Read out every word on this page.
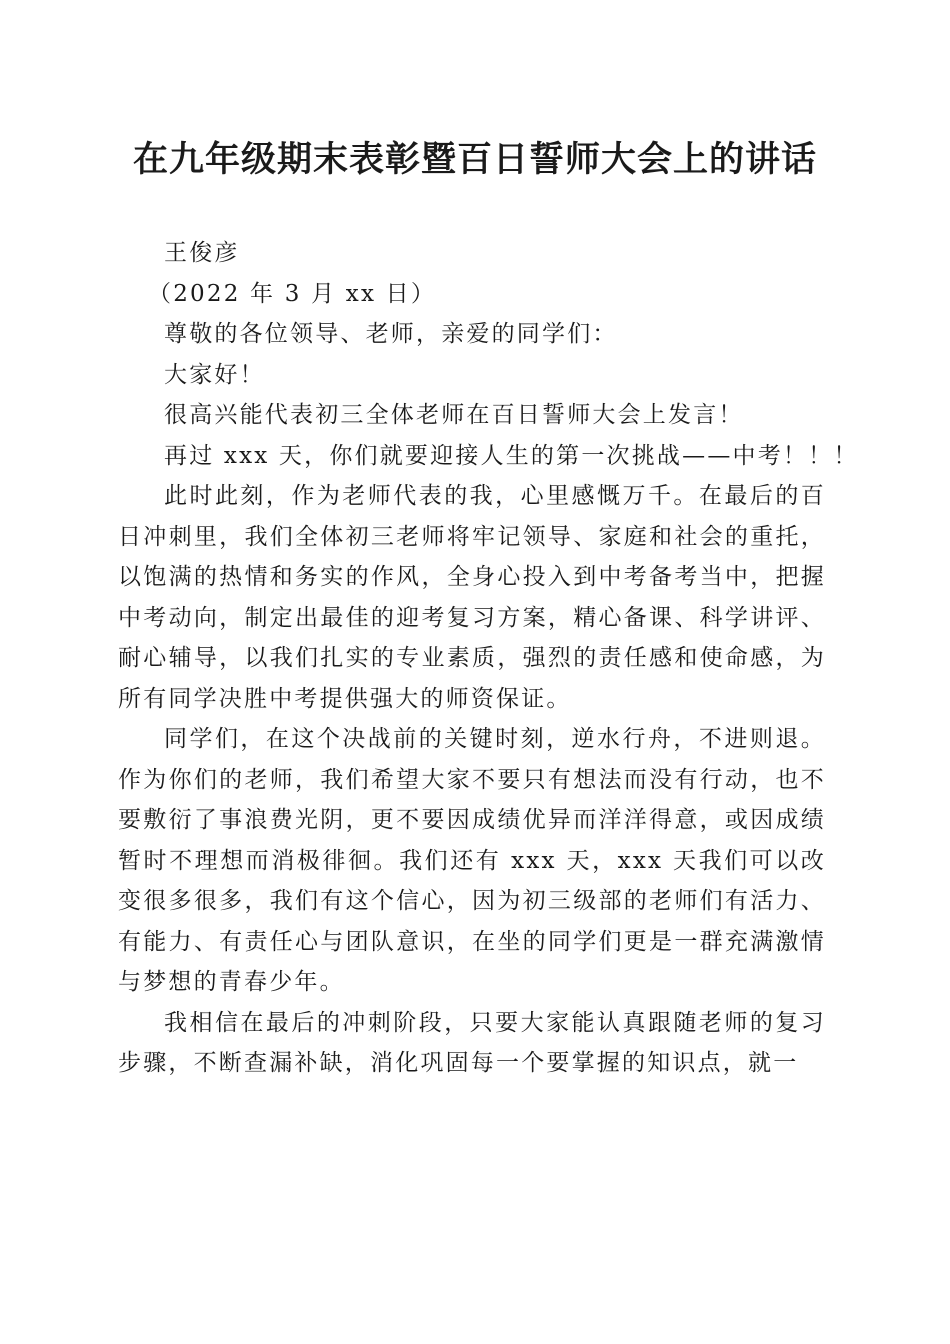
在九年级期末表彰暨百日誓师大会上的讲话

王俊彦

（2022 年 3 月 xx 日）

尊敬的各位领导、老师，亲爱的同学们：

大家好！

很高兴能代表初三全体老师在百日誓师大会上发言！

再过 xxx 天，你们就要迎接人生的第一次挑战——中考！！！

此时此刻，作为老师代表的我，心里感慨万千。在最后的百日冲刺里，我们全体初三老师将牢记领导、家庭和社会的重托，以饱满的热情和务实的作风，全身心投入到中考备考当中，把握中考动向，制定出最佳的迎考复习方案，精心备课、科学讲评、耐心辅导，以我们扎实的专业素质，强烈的责任感和使命感，为所有同学决胜中考提供强大的师资保证。

同学们，在这个决战前的关键时刻，逆水行舟，不进则退。作为你们的老师，我们希望大家不要只有想法而没有行动，也不要敷衍了事浪费光阴，更不要因成绩优异而洋洋得意，或因成绩暂时不理想而消极徘徊。我们还有 xxx 天，xxx 天我们可以改变很多很多，我们有这个信心，因为初三级部的老师们有活力、有能力、有责任心与团队意识，在坐的同学们更是一群充满激情与梦想的青春少年。

我相信在最后的冲刺阶段，只要大家能认真跟随老师的复习步骤，不断查漏补缺，消化巩固每一个要掌握的知识点，就一
